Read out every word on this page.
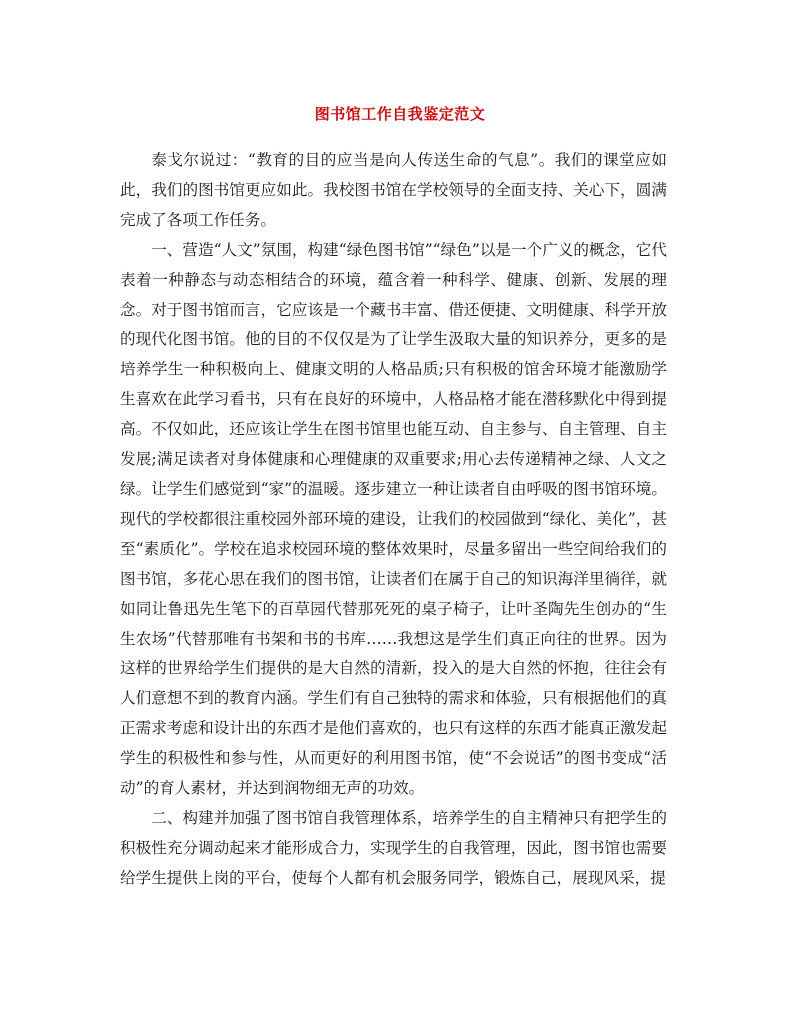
图书馆工作自我鉴定范文

泰戈尔说过：“教育的目的应当是向人传送生命的气息”。我们的课堂应如此，我们的图书馆更应如此。我校图书馆在学校领导的全面支持、关心下，圆满完成了各项工作任务。

一、营造“人文”氛围，构建“绿色图书馆”“绿色”以是一个广义的概念，它代表着一种静态与动态相结合的环境，蕴含着一种科学、健康、创新、发展的理念。对于图书馆而言，它应该是一个藏书丰富、借还便捷、文明健康、科学开放的现代化图书馆。他的目的不仅仅是为了让学生汲取大量的知识养分，更多的是培养学生一种积极向上、健康文明的人格品质;只有积极的馆舍环境才能激励学生喜欢在此学习看书，只有在良好的环境中，人格品格才能在潜移默化中得到提高。不仅如此，还应该让学生在图书馆里也能互动、自主参与、自主管理、自主发展;满足读者对身体健康和心理健康的双重要求;用心去传递精神之绿、人文之绿。让学生们感觉到“家”的温暖。逐步建立一种让读者自由呼吸的图书馆环境。现代的学校都很注重校园外部环境的建设，让我们的校园做到“绿化、美化”，甚至“素质化”。学校在追求校园环境的整体效果时，尽量多留出一些空间给我们的图书馆，多花心思在我们的图书馆，让读者们在属于自己的知识海洋里徜徉，就如同让鲁迅先生笔下的百草园代替那死死的桌子椅子，让叶圣陶先生创办的“生生农场”代替那唯有书架和书的书库……我想这是学生们真正向往的世界。因为这样的世界给学生们提供的是大自然的清新，投入的是大自然的怀抱，往往会有人们意想不到的教育内涵。学生们有自己独特的需求和体验，只有根据他们的真正需求考虑和设计出的东西才是他们喜欢的，也只有这样的东西才能真正激发起学生的积极性和参与性，从而更好的利用图书馆，使“不会说话”的图书变成“活动”的育人素材，并达到润物细无声的功效。

二、构建并加强了图书馆自我管理体系，培养学生的自主精神只有把学生的积极性充分调动起来才能形成合力，实现学生的自我管理，因此，图书馆也需要给学生提供上岗的平台，使每个人都有机会服务同学，锻炼自己，展现风采，提
